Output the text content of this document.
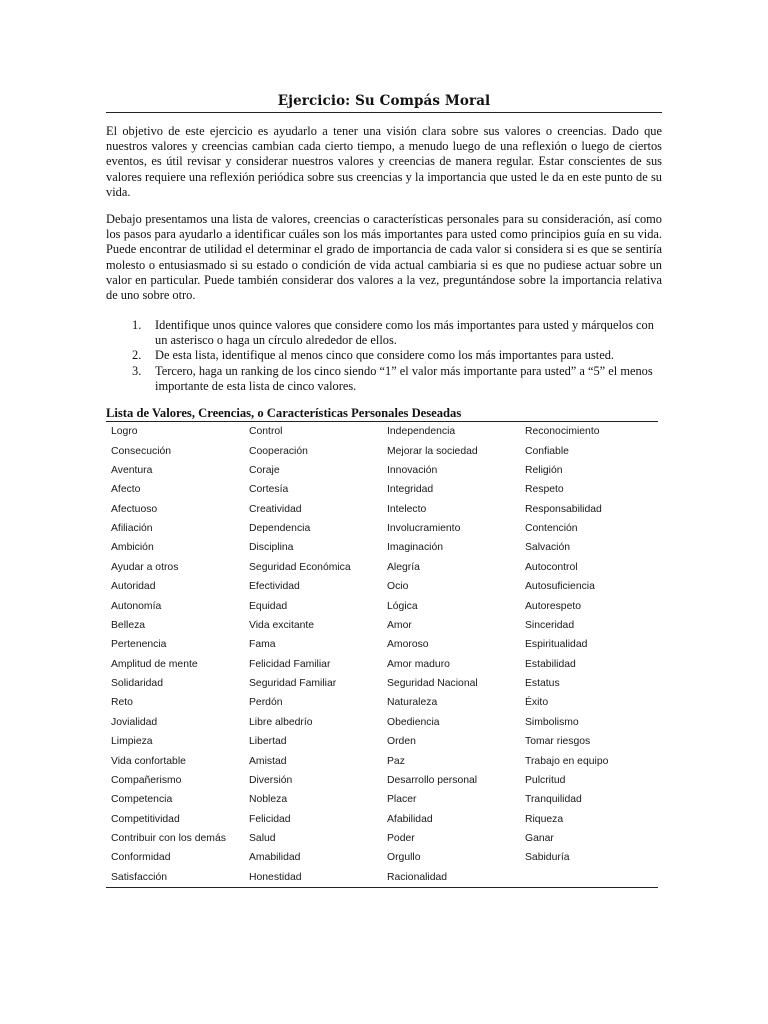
Ejercicio: Su Compás Moral

El objetivo de este ejercicio es ayudarlo a tener una visión clara sobre sus valores o creencias. Dado que nuestros valores y creencias cambian cada cierto tiempo, a menudo luego de una reflexión o luego de ciertos eventos, es útil revisar y considerar nuestros valores y creencias de manera regular. Estar conscientes de sus valores requiere una reflexión periódica sobre sus creencias y la importancia que usted le da en este punto de su vida.

Debajo presentamos una lista de valores, creencias o características personales para su consideración, así como los pasos para ayudarlo a identificar cuáles son los más importantes para usted como principios guía en su vida. Puede encontrar de utilidad el determinar el grado de importancia de cada valor si considera si es que se sentiría molesto o entusiasmado si su estado o condición de vida actual cambiaria si es que no pudiese actuar sobre un valor en particular. Puede también considerar dos valores a la vez, preguntándose sobre la importancia relativa de uno sobre otro.

1. Identifique unos quince valores que considere como los más importantes para usted y márquelos con un asterisco o haga un círculo alrededor de ellos.
2. De esta lista, identifique al menos cinco que considere como los más importantes para usted.
3. Tercero, haga un ranking de los cinco siendo “1” el valor más importante para usted” a “5” el menos importante de esta lista de cinco valores.
Lista de Valores, Creencias, o Características Personales Deseadas
Logro	Control	Independencia	Reconocimiento
Consecución	Cooperación	Mejorar la sociedad	Confiable
Aventura	Coraje	Innovación	Religión
Afecto	Cortesía	Integridad	Respeto
Afectuoso	Creatividad	Intelecto	Responsabilidad
Afiliación	Dependencia	Involucramiento	Contención
Ambición	Disciplina	Imaginación	Salvación
Ayudar a otros	Seguridad Económica	Alegría	Autocontrol
Autoridad	Efectividad	Ocio	Autosuficiencia
Autonomía	Equidad	Lógica	Autorespeto
Belleza	Vida excitante	Amor	Sinceridad
Pertenencia	Fama	Amoroso	Espiritualidad
Amplitud de mente	Felicidad Familiar	Amor maduro	Estabilidad
Solidaridad	Seguridad Familiar	Seguridad Nacional	Estatus
Reto	Perdón	Naturaleza	Éxito
Jovialidad	Libre albedrío	Obediencia	Simbolismo
Limpieza	Libertad	Orden	Tomar riesgos
Vida confortable	Amistad	Paz	Trabajo en equipo
Compañerismo	Diversión	Desarrollo personal	Pulcritud
Competencia	Nobleza	Placer	Tranquilidad
Competitividad	Felicidad	Afabilidad	Riqueza
Contribuir con los demás	Salud	Poder	Ganar
Conformidad	Amabilidad	Orgullo	Sabiduría
Satisfacción	Honestidad	Racionalidad	
